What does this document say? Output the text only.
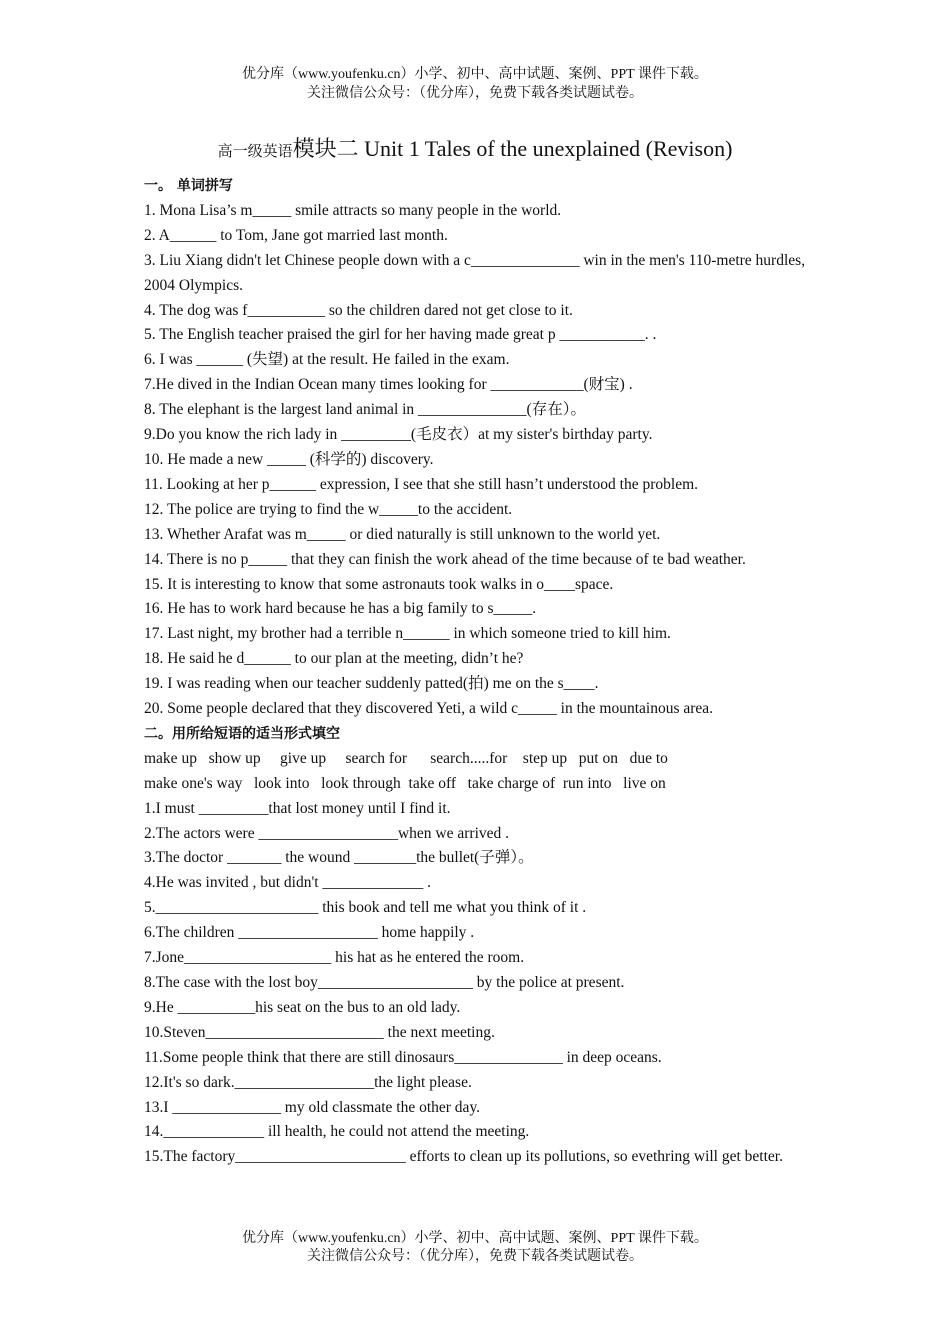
优分库（www.youfenku.cn）小学、初中、高中试题、案例、PPT 课件下载。
关注微信公众号：（优分库），免费下载各类试题试卷。
高一级英语模块二 Unit 1 Tales of the unexplained (Revison)
一。 单词拼写
1. Mona Lisa’s m_____ smile attracts so many people in the world.
2. A______ to Tom, Jane got married last month.
3. Liu Xiang didn't let Chinese people down with a c______________ win in the men's 110-metre hurdles, 2004 Olympics.
4. The dog was f__________ so the children dared not get close to it.
5. The English teacher praised the girl for her having made great p ___________. .
6. I was ______ (失望) at the result. He failed in the exam.
7.He dived in the Indian Ocean many times looking for ____________(财宝) .
8. The elephant is the largest land animal in ______________(存在）。
9.Do you know the rich lady in _________(毛皮衣）at my sister's birthday party.
10. He made a new _____ (科学的) discovery.
11. Looking at her p______ expression, I see that she still hasn’t understood the problem.
12. The police are trying to find the w_____to the accident.
13. Whether Arafat was m_____ or died naturally is still unknown to the world yet.
14. There is no p_____ that they can finish the work ahead of the time because of te bad weather.
15. It is interesting to know that some astronauts took walks in o____space.
16. He has to work hard because he has a big family to s_____.
17. Last night, my brother had a terrible n______ in which someone tried to kill him.
18. He said he d______ to our plan at the meeting, didn’t he?
19. I was reading when our teacher suddenly patted(拍) me on the s____.
20. Some people declared that they discovered Yeti, a wild c_____ in the mountainous area.
二。用所给短语的适当形式填空
make up   show up     give up     search for      search.....for    step up   put on   due to
make one's way   look into   look through  take off   take charge of  run into   live on
1.I must _________that lost money until I find it.
2.The actors were __________________when we arrived .
3.The doctor _______ the wound ________the bullet(子弹）。
4.He was invited , but didn't _____________ .
5._____________________ this book and tell me what you think of it .
6.The children __________________ home happily .
7.Jone___________________ his hat as he entered the room.
8.The case with the lost boy____________________ by the police at present.
9.He __________his seat on the bus to an old lady.
10.Steven_______________________ the next meeting.
11.Some people think that there are still dinosaurs______________ in deep oceans.
12.It's so dark.__________________the light please.
13.I ______________ my old classmate the other day.
14._____________ ill health, he could not attend the meeting.
15.The factory______________________ efforts to clean up its pollutions, so evethring will get better.
优分库（www.youfenku.cn）小学、初中、高中试题、案例、PPT 课件下载。
关注微信公众号：（优分库），免费下载各类试题试卷。
